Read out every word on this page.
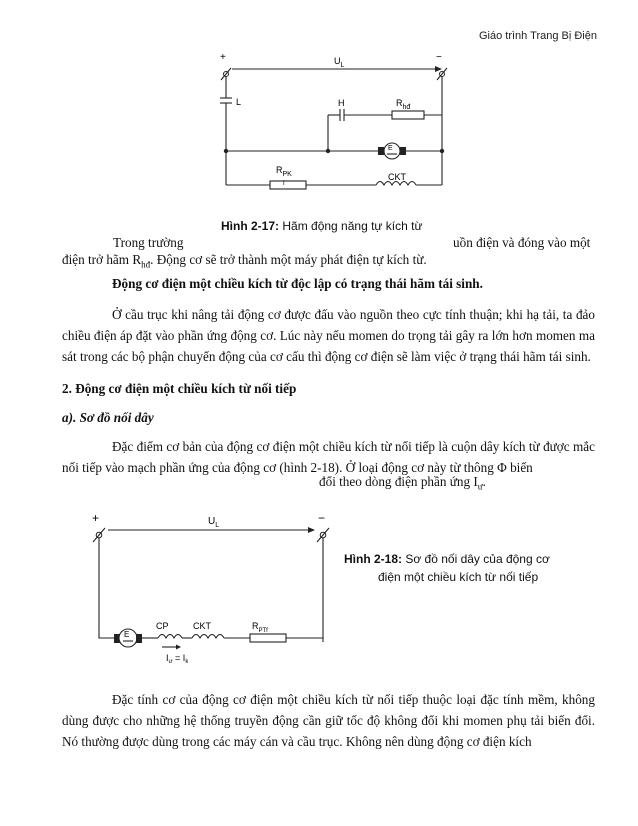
Giáo trình Trang Bị Điện
+	−
$U_L$
L	H	$R_{hđ}$
E
$R_{PK}$
T
CKT
Trong trường	uồn điện và đóng vào một
Hình 2-17: Hãm động năng tự kích từ
điện trở hãm $R_{hđ}$. Động cơ sẽ trở thành một máy phát điện tự kích từ.
Động cơ điện một chiều kích từ độc lập có trạng thái hãm tái sinh.
Ở cầu trục khi nâng tải động cơ được đấu vào nguồn theo cực tính thuận; khi hạ tải, ta đảo chiều điện áp đặt vào phần ứng động cơ. Lúc này nếu momen do trọng tải gây ra lớn hơn momen ma sát trong các bộ phận chuyển động của cơ cấu thì động cơ điện sẽ làm việc ở trạng thái hãm tái sinh.
2. Động cơ điện một chiều kích từ nối tiếp
a). Sơ đồ nối dây
Đặc điểm cơ bản của động cơ điện một chiều kích từ nối tiếp là cuộn dây kích từ được mắc nối tiếp vào mạch phần ứng của động cơ (hình 2-18). Ở loại động cơ này từ thông Φ biến
đổi theo dòng điện phần ứng $I_ư$.
+	−
$U_L$
E
CP	CKT	$R_{PTf}$
$I_ư = I_k$
Hình 2-18: Sơ đồ nối dây của động cơ
điện một chiều kích từ nối tiếp
Đặc tính cơ của động cơ điện một chiều kích từ nối tiếp thuộc loại đặc tính mềm, không dùng được cho những hệ thống truyền động cần giữ tốc độ không đổi khi momen phụ tải biến đổi. Nó thường được dùng trong các máy cán và cầu trục. Không nên dùng động cơ điện kích
